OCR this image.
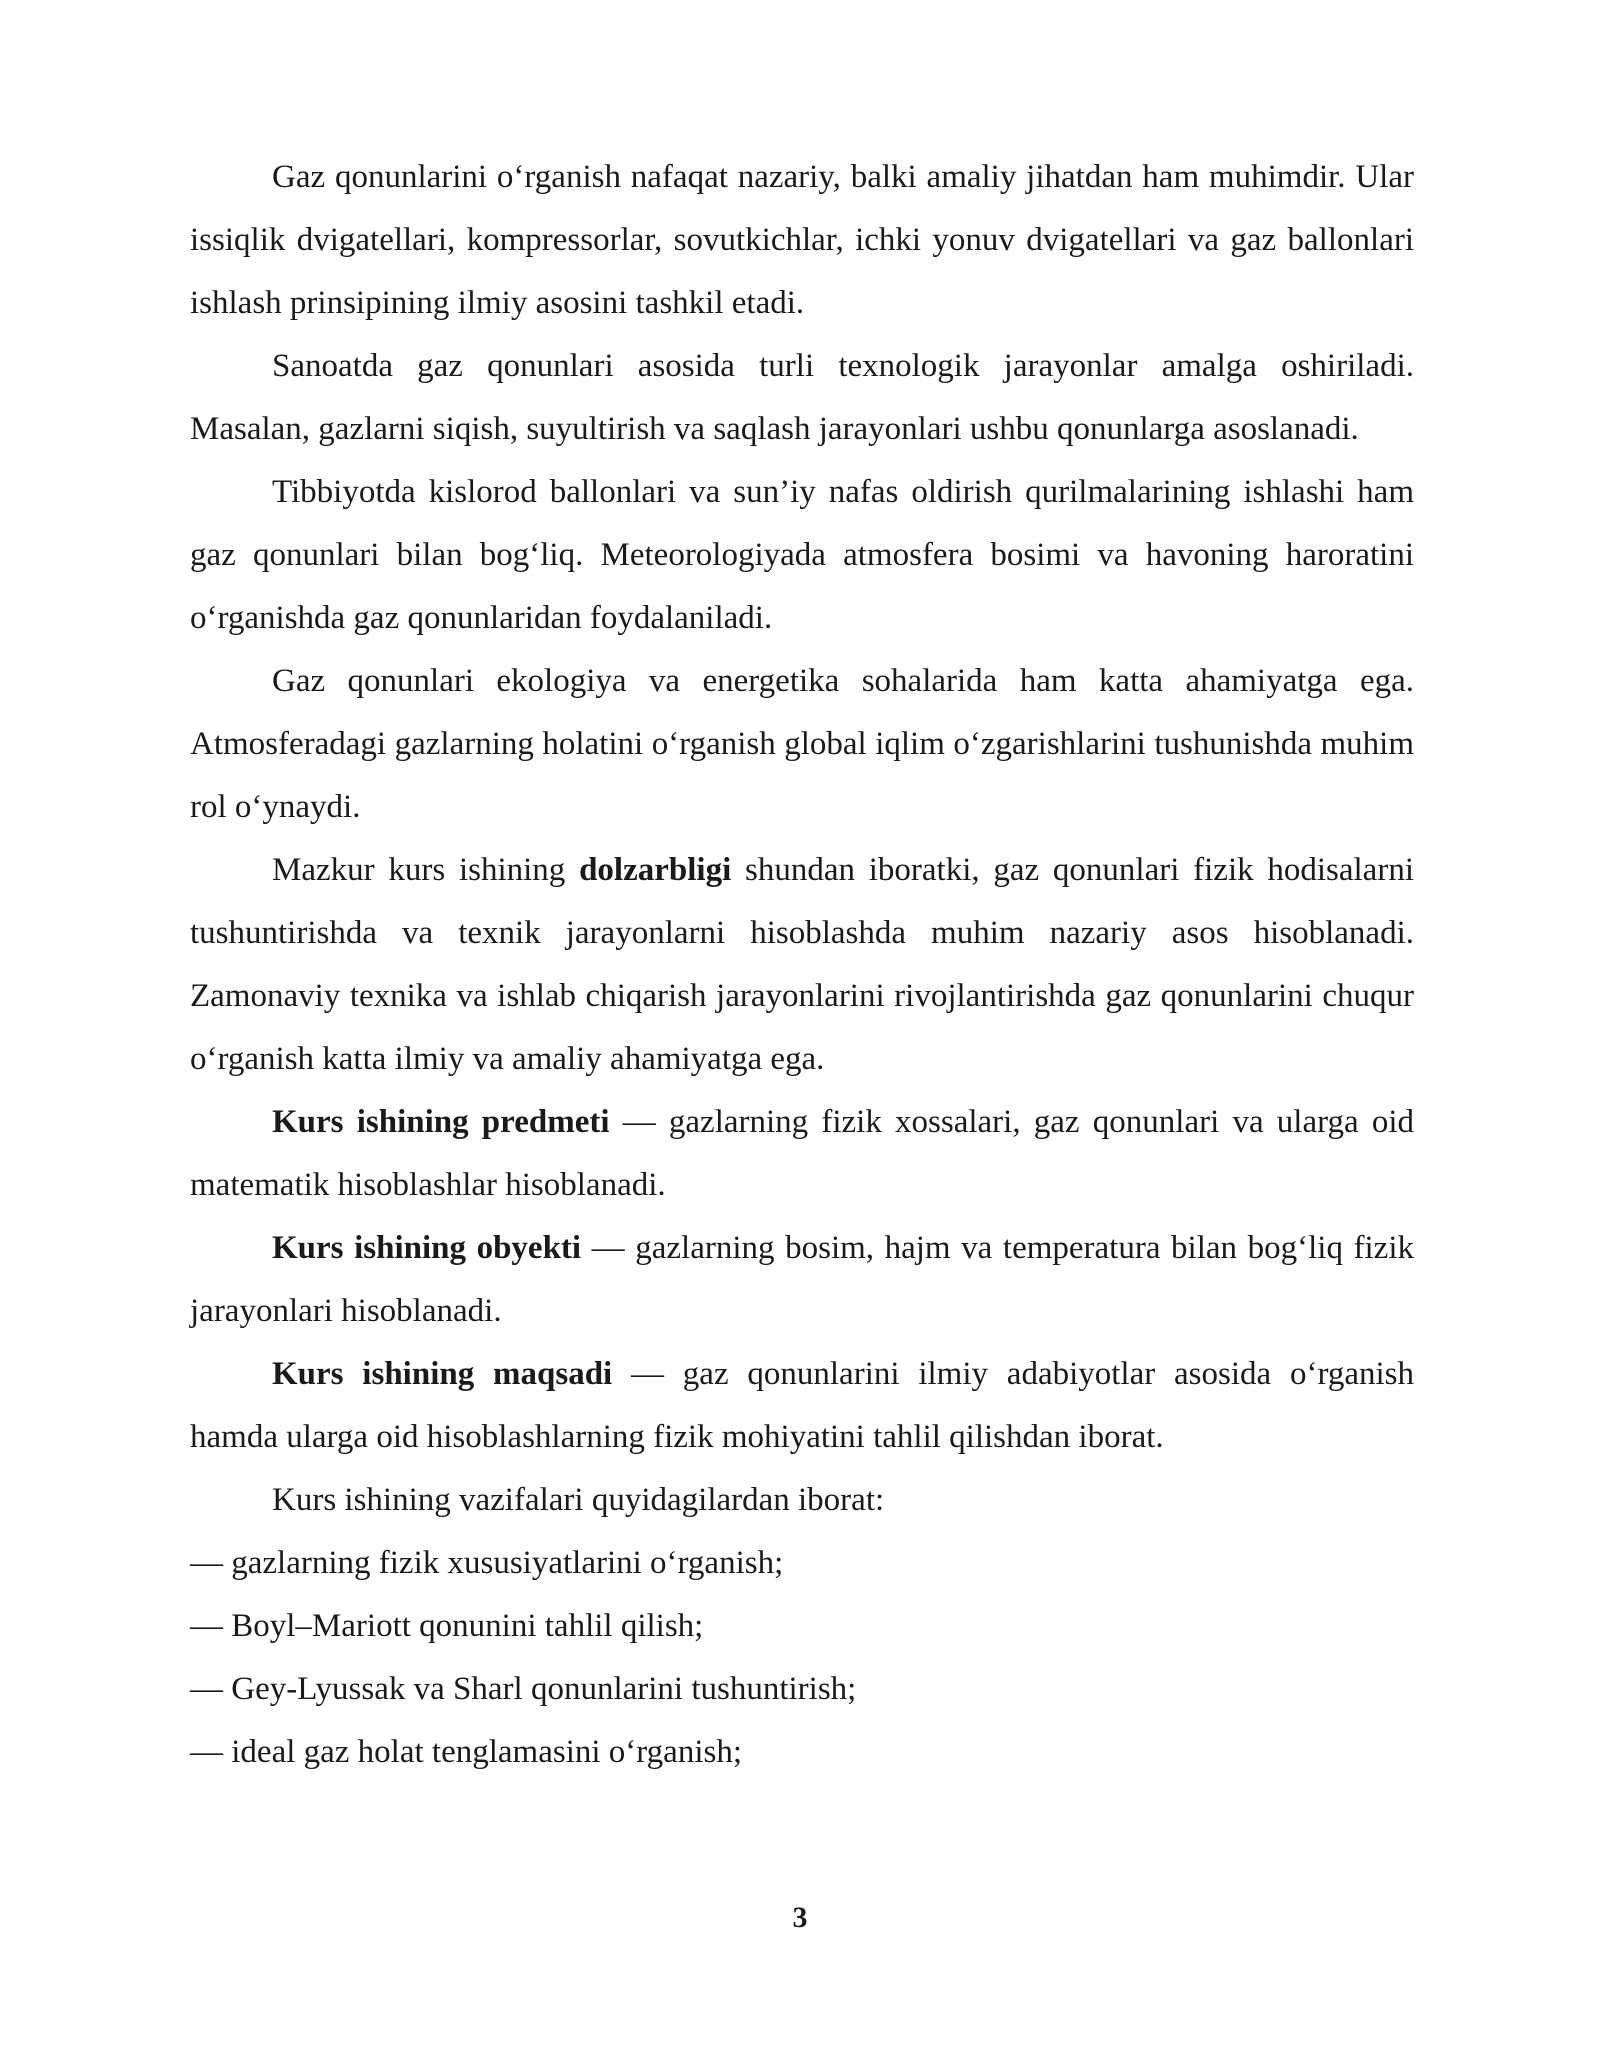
Gaz qonunlarini o‘rganish nafaqat nazariy, balki amaliy jihatdan ham muhimdir. Ular issiqlik dvigatellari, kompressorlar, sovutkichlar, ichki yonuv dvigatellari va gaz ballonlari ishlash prinsipining ilmiy asosini tashkil etadi.

Sanoatda gaz qonunlari asosida turli texnologik jarayonlar amalga oshiriladi. Masalan, gazlarni siqish, suyultirish va saqlash jarayonlari ushbu qonunlarga asoslanadi.

Tibbiyotda kislorod ballonlari va sun’iy nafas oldirish qurilmalarining ishlashi ham gaz qonunlari bilan bog‘liq. Meteorologiyada atmosfera bosimi va havoning haroratini o‘rganishda gaz qonunlaridan foydalaniladi.

Gaz qonunlari ekologiya va energetika sohalarida ham katta ahamiyatga ega. Atmosferadagi gazlarning holatini o‘rganish global iqlim o‘zgarishlarini tushunishda muhim rol o‘ynaydi.

Mazkur kurs ishining dolzarbligi shundan iboratki, gaz qonunlari fizik hodisalarni tushuntirishda va texnik jarayonlarni hisoblashda muhim nazariy asos hisoblanadi. Zamonaviy texnika va ishlab chiqarish jarayonlarini rivojlantirishda gaz qonunlarini chuqur o‘rganish katta ilmiy va amaliy ahamiyatga ega.

Kurs ishining predmeti — gazlarning fizik xossalari, gaz qonunlari va ularga oid matematik hisoblashlar hisoblanadi.

Kurs ishining obyekti — gazlarning bosim, hajm va temperatura bilan bog‘liq fizik jarayonlari hisoblanadi.

Kurs ishining maqsadi — gaz qonunlarini ilmiy adabiyotlar asosida o‘rganish hamda ularga oid hisoblashlarning fizik mohiyatini tahlil qilishdan iborat.

Kurs ishining vazifalari quyidagilardan iborat:

— gazlarning fizik xususiyatlarini o‘rganish;

— Boyl–Mariott qonunini tahlil qilish;

— Gey-Lyussak va Sharl qonunlarini tushuntirish;

— ideal gaz holat tenglamasini o‘rganish;

3
